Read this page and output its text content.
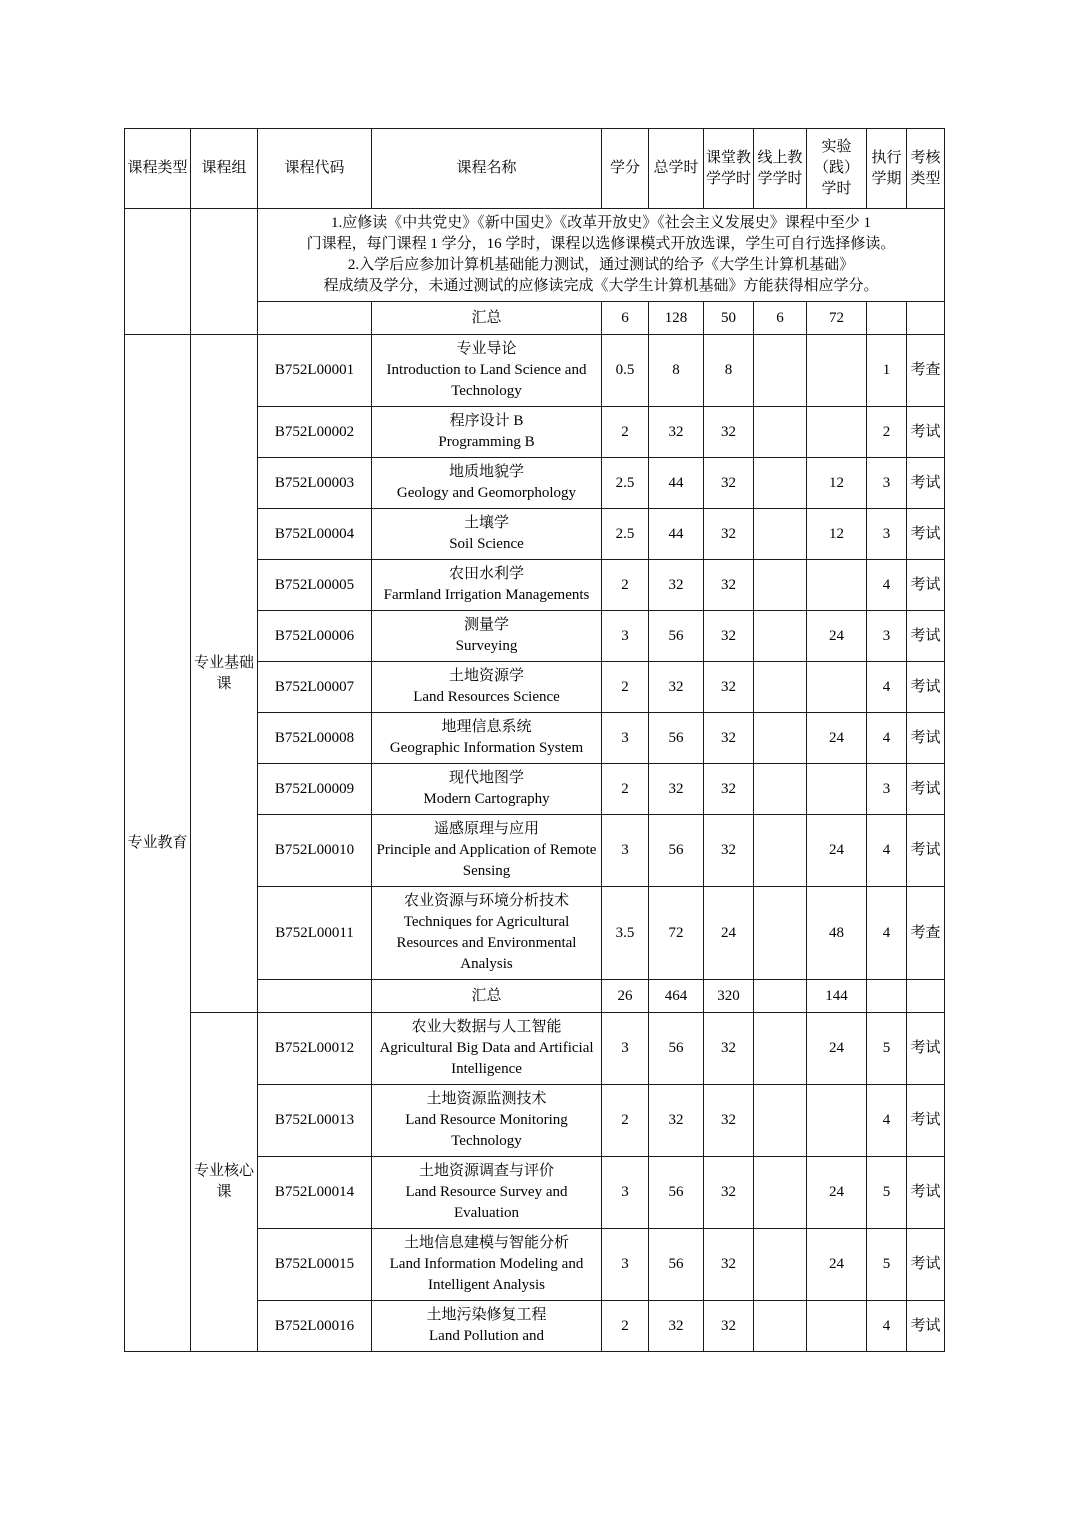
课程类型	课程组	课程代码	课程名称	学分	总学时	课堂教学学时	线上教学学时	实验（践）学时	执行学期	考核类型

		1.应修读《中共党史》《新中国史》《改革开放史》《社会主义发展史》课程中至少 1
门课程，每门课程 1 学分，16 学时，课程以选修课模式开放选课，学生可自行选择修读。
2.入学后应参加计算机基础能力测试，通过测试的给予《大学生计算机基础》
程成绩及学分，未通过测试的应修读完成《大学生计算机基础》方能获得相应学分。								

			汇总	6	128	50	6	72		
专业教育	专业基础课	B752L00001	专业导论
Introduction to Land Science and Technology	0.5	8	8			1	考查
		B752L00002	程序设计 B
Programming B	2	32	32			2	考试
		B752L00003	地质地貌学
Geology and Geomorphology	2.5	44	32		12	3	考试
		B752L00004	土壤学
Soil Science	2.5	44	32		12	3	考试
		B752L00005	农田水利学
Farmland Irrigation Managements	2	32	32			4	考试
		B752L00006	测量学
Surveying	3	56	32		24	3	考试
		B752L00007	土地资源学
Land Resources Science	2	32	32			4	考试
		B752L00008	地理信息系统
Geographic Information System	3	56	32		24	4	考试
		B752L00009	现代地图学
Modern Cartography	2	32	32			3	考试
		B752L00010	遥感原理与应用
Principle and Application of Remote Sensing	3	56	32		24	4	考试
		B752L00011	农业资源与环境分析技术
Techniques for Agricultural Resources and Environmental Analysis	3.5	72	24		48	4	考查
			汇总	26	464	320		144		
	专业核心课	B752L00012	农业大数据与人工智能
Agricultural Big Data and Artificial Intelligence	3	56	32		24	5	考试
		B752L00013	土地资源监测技术
Land Resource Monitoring Technology	2	32	32			4	考试
		B752L00014	土地资源调查与评价
Land Resource Survey and Evaluation	3	56	32		24	5	考试
		B752L00015	土地信息建模与智能分析
Land Information Modeling and Intelligent Analysis	3	56	32		24	5	考试
		B752L00016	土地污染修复工程
Land Pollution and	2	32	32			4	考试
